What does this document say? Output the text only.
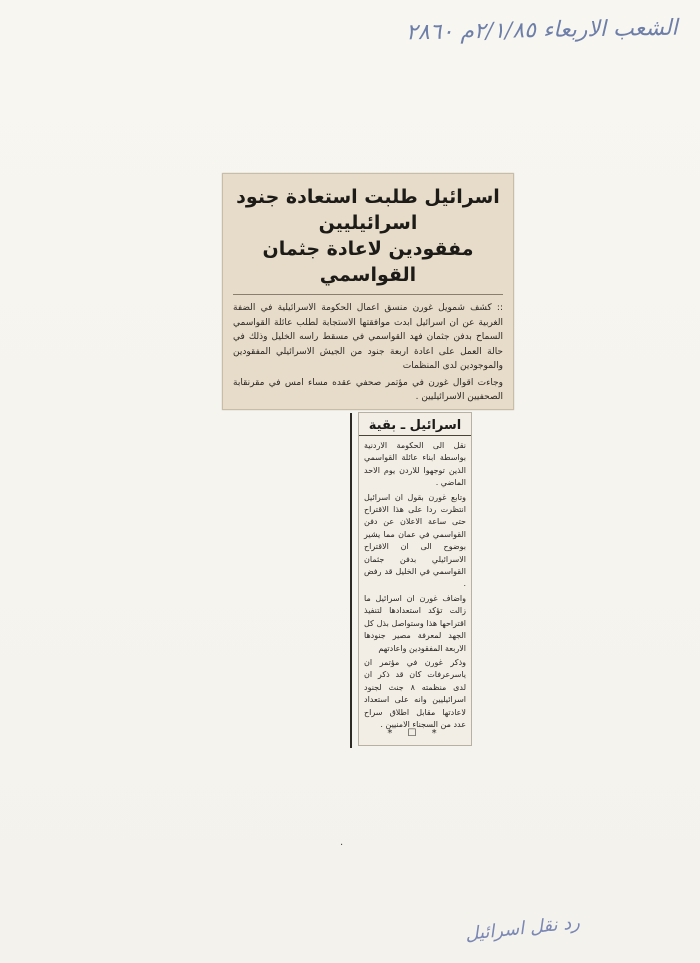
الشعب الاربعاء ٢/١/٨٥م ٢٨٦٠
اسرائيل طلبت استعادة جنود اسرائيليين
مفقودين لاعادة جثمان القواسمي

:: كشف شمويل غورن منسق اعمال الحكومة الاسرائيلية في الضفة الغربية عن ان اسرائيل ابدت موافقتها الاستجابة لطلب عائلة القواسمي السماح بدفن جثمان فهد القواسمي في مسقط راسه الخليل وذلك في حالة العمل على اعادة اربعة جنود من الجيش الاسرائيلي المفقودين والموجودين لدى المنظمات

وجاءت اقوال غورن في مؤتمر صحفي عقده مساء امس في مقرنقابة الصحفيين الاسرائيليين .

اسرائيل ـ بقية

نقل الى الحكومة الاردنية بواسطة ابناء عائلة القواسمي الذين توجهوا للاردن يوم الاحد الماضي .

وتابع غورن بقول ان اسرائيل انتظرت ردا على هذا الاقتراح حتى ساعة الاعلان عن دفن القواسمي في عمان مما يشير بوضوح الى ان الاقتراح الاسرائيلي بدفن جثمان القواسمي في الخليل قد رفض .

واضاف غورن ان اسرائيل ما زالت تؤكد استعدادها لتنفيذ اقتراحها هذا وستواصل بذل كل الجهد لمعرفة مصير جنودها الاربعة المفقودين واعادتهم

وذكر غورن في مؤتمر ان ياسرعرفات كان قد ذكر ان لدى منظمته ٨ جنث لجنود اسرائيليين وانه على استعداد لاعادتها مقابل اطلاق سراح عدد من السجناء الامنيين .

* ☐ *
·
رد نقل اسرائيل
